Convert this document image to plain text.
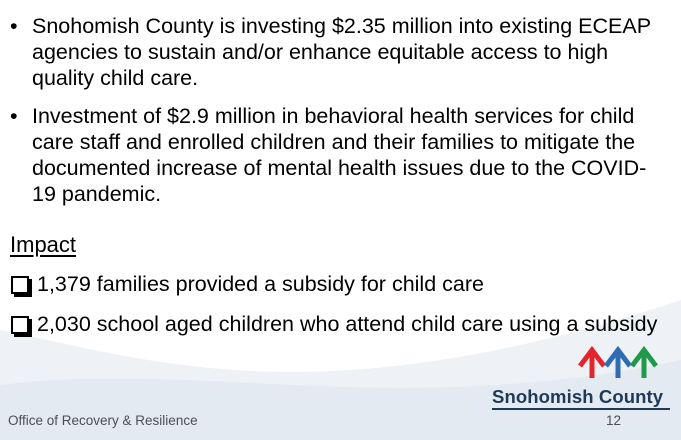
• Snohomish County is investing $2.35 million into existing ECEAP agencies to sustain and/or enhance equitable access to high quality child care.
• Investment of $2.9 million in behavioral health services for child care staff and enrolled children and their families to mitigate the documented increase of mental health issues due to the COVID-19 pandemic.
Impact
1,379 families provided a subsidy for child care
2,030 school aged children who attend child care using a subsidy
Snohomish County
Office of Recovery & Resilience	12
